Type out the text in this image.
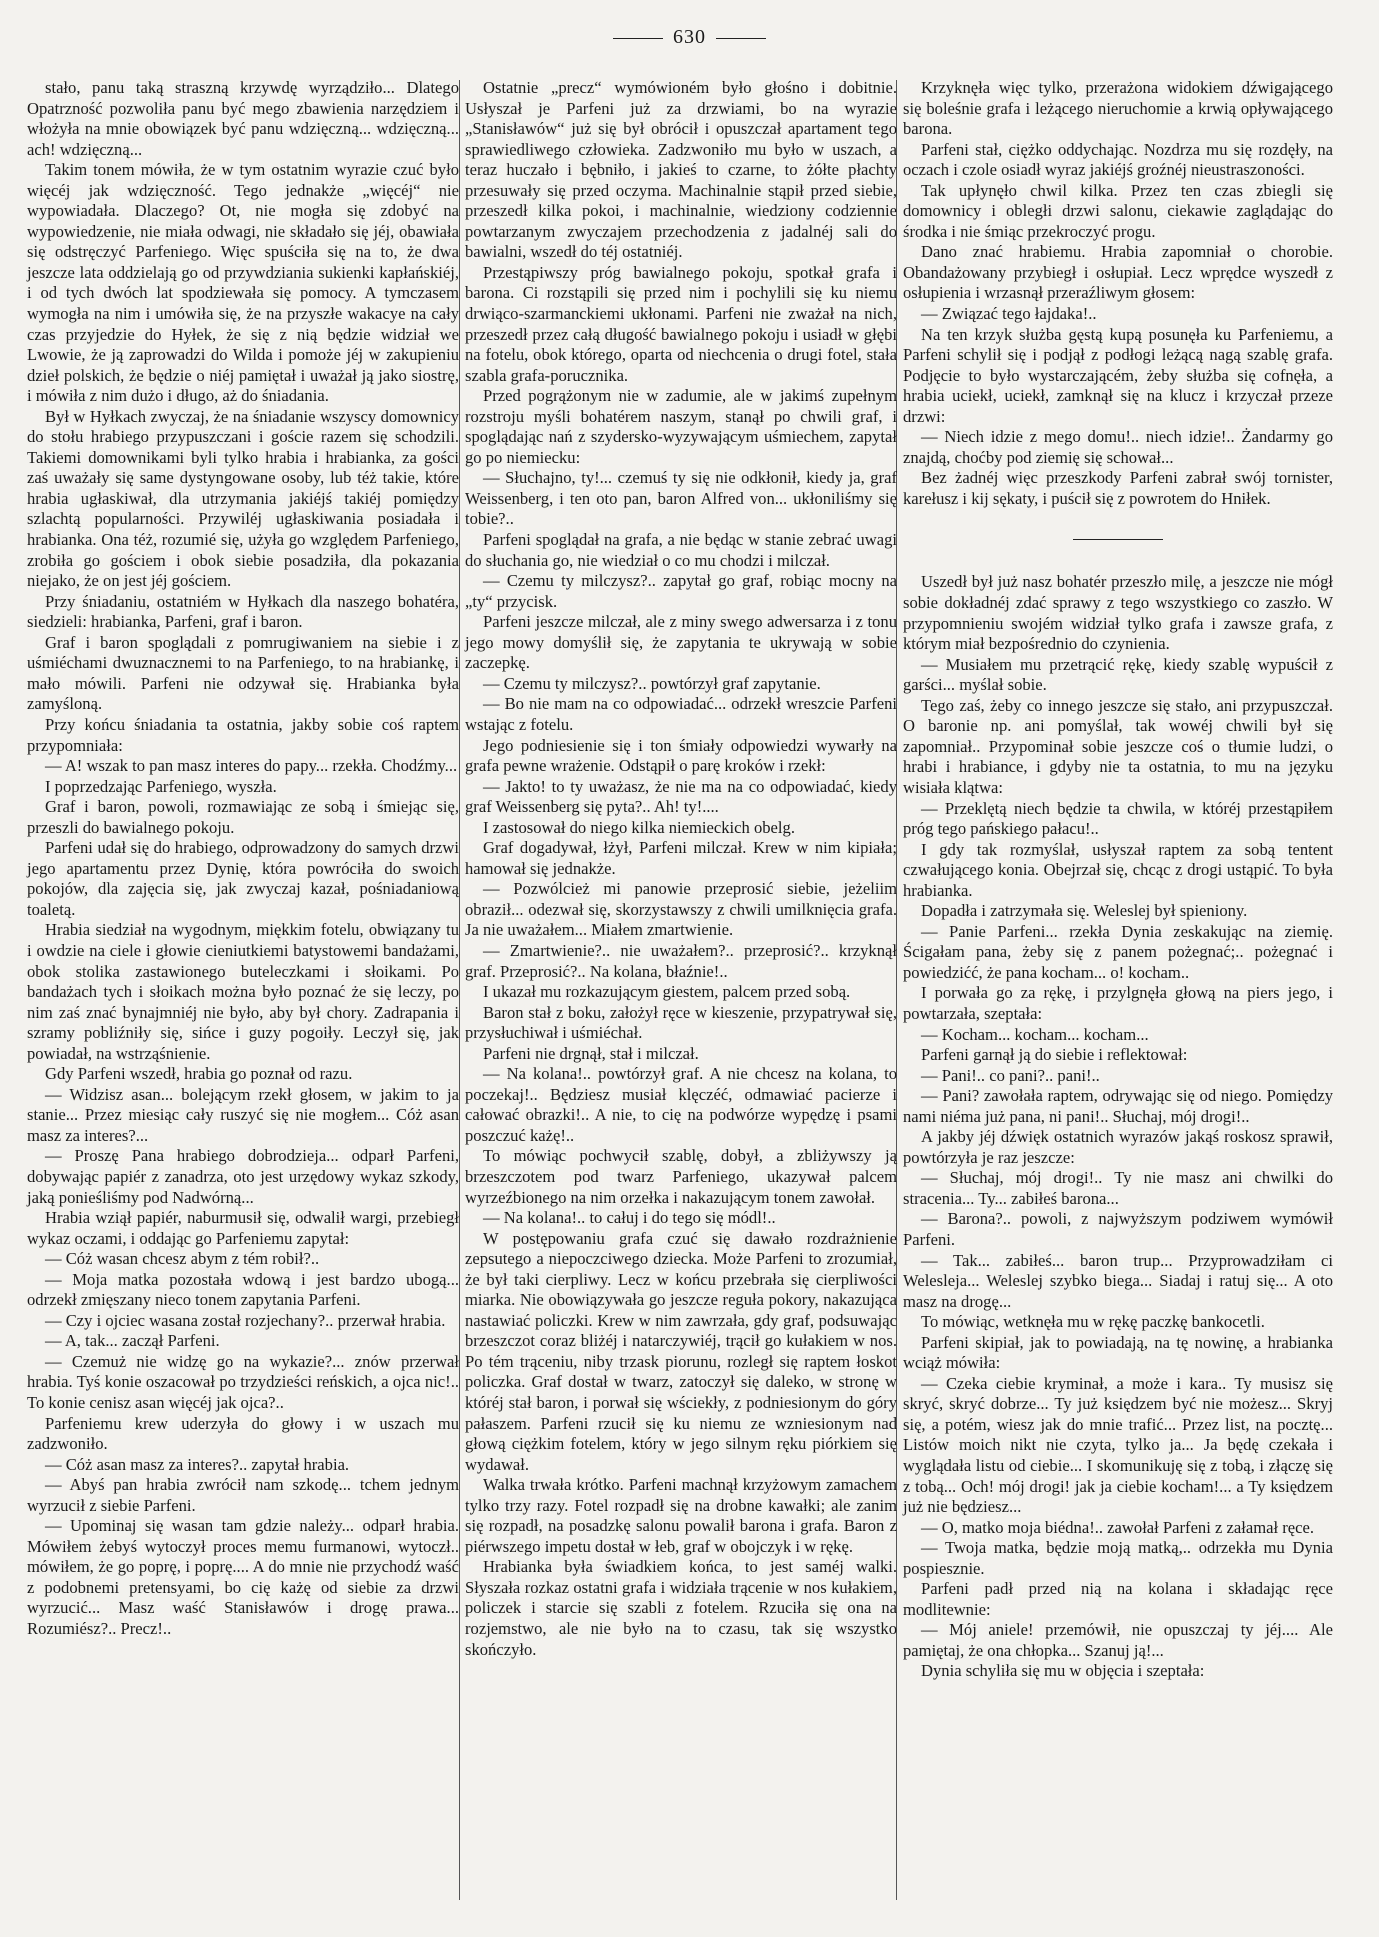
630

stało, panu taką straszną krzywdę wyrządziło... Dlatego Opatrzność pozwoliła panu być mego zbawienia narzędziem i włożyła na mnie obowiązek być panu wdzięczną... wdzięczną... ach! wdzięczną...

Takim tonem mówiła, że w tym ostatnim wyrazie czuć było więcéj jak wdzięczność. Tego jednakże „więcéj“ nie wypowiadała. Dlaczego? Ot, nie mogła się zdobyć na wypowiedzenie, nie miała odwagi, nie składało się jéj, obawiała się odstręczyć Parfeniego. Więc spuściła się na to, że dwa jeszcze lata oddzielają go od przywdziania sukienki kapłańskiéj, i od tych dwóch lat spodziewała się pomocy. A tymczasem wymogła na nim i umówiła się, że na przyszłe wakacye na cały czas przyjedzie do Hyłek, że się z nią będzie widział we Lwowie, że ją zaprowadzi do Wilda i pomoże jéj w zakupieniu dzieł polskich, że będzie o niéj pamiętał i uważał ją jako siostrę, i mówiła z nim dużo i długo, aż do śniadania.

Był w Hyłkach zwyczaj, że na śniadanie wszyscy domownicy do stołu hrabiego przypuszczani i goście razem się schodzili. Takiemi domownikami byli tylko hrabia i hrabianka, za gości zaś uważały się same dystyngowane osoby, lub téż takie, które hrabia ugłaskiwał, dla utrzymania jakiéjś takiéj pomiędzy szlachtą popularności. Przywiléj ugłaskiwania posiadała i hrabianka. Ona téż, rozumié się, użyła go względem Parfeniego, zrobiła go gościem i obok siebie posadziła, dla pokazania niejako, że on jest jéj gościem.

Przy śniadaniu, ostatniém w Hyłkach dla naszego bohatéra, siedzieli: hrabianka, Parfeni, graf i baron.

Graf i baron spoglądali z pomrugiwaniem na siebie i z uśmiéchami dwuznacznemi to na Parfeniego, to na hrabiankę, i mało mówili. Parfeni nie odzywał się. Hrabianka była zamyśloną.

Przy końcu śniadania ta ostatnia, jakby sobie coś raptem przypomniała:

— A! wszak to pan masz interes do papy... rzekła. Chodźmy...

I poprzedzając Parfeniego, wyszła.

Graf i baron, powoli, rozmawiając ze sobą i śmiejąc się, przeszli do bawialnego pokoju.

Parfeni udał się do hrabiego, odprowadzony do samych drzwi jego apartamentu przez Dynię, która powróciła do swoich pokojów, dla zajęcia się, jak zwyczaj kazał, pośniadaniową toaletą.

Hrabia siedział na wygodnym, miękkim fotelu, obwiązany tu i owdzie na ciele i głowie cieniutkiemi batystowemi bandażami, obok stolika zastawionego buteleczkami i słoikami. Po bandażach tych i słoikach można było poznać że się leczy, po nim zaś znać bynajmniéj nie było, aby był chory. Zadrapania i szramy pobliźniły się, sińce i guzy pogoiły. Leczył się, jak powiadał, na wstrząśnienie.

Gdy Parfeni wszedł, hrabia go poznał od razu.

— Widzisz asan... bolejącym rzekł głosem, w jakim to ja stanie... Przez miesiąc cały ruszyć się nie mogłem... Cóż asan masz za interes?...

— Proszę Pana hrabiego dobrodzieja... odparł Parfeni, dobywając papiér z zanadrza, oto jest urzędowy wykaz szkody, jaką ponieśliśmy pod Nadwórną...

Hrabia wziął papiér, naburmusił się, odwalił wargi, przebiegł wykaz oczami, i oddając go Parfeniemu zapytał:

— Cóż wasan chcesz abym z tém robił?..

— Moja matka pozostała wdową i jest bardzo ubogą... odrzekł zmięszany nieco tonem zapytania Parfeni.

— Czy i ojciec wasana został rozjechany?.. przerwał hrabia.

— A, tak... zaczął Parfeni.

— Czemuż nie widzę go na wykazie?... znów przerwał hrabia. Tyś konie oszacował po trzydzieści reńskich, a ojca nic!.. To konie cenisz asan więcéj jak ojca?..

Parfeniemu krew uderzyła do głowy i w uszach mu zadzwoniło.

— Cóż asan masz za interes?.. zapytał hrabia.

— Abyś pan hrabia zwrócił nam szkodę... tchem jednym wyrzucił z siebie Parfeni.

— Upominaj się wasan tam gdzie należy... odparł hrabia. Mówiłem żebyś wytoczył proces memu furmanowi, wytoczł.. mówiłem, że go poprę, i poprę.... A do mnie nie przychodź waść z podobnemi pretensyami, bo cię każę od siebie za drzwi wyrzucić... Masz waść Stanisławów i drogę prawa... Rozumiész?.. Precz!..

Ostatnie „precz“ wymówioném było głośno i dobitnie. Usłyszał je Parfeni już za drzwiami, bo na wyrazie „Stanisławów“ już się był obrócił i opuszczał apartament tego sprawiedliwego człowieka. Zadzwoniło mu było w uszach, a teraz huczało i bębniło, i jakieś to czarne, to żółte płachty przesuwały się przed oczyma. Machinalnie stąpił przed siebie, przeszedł kilka pokoi, i machinalnie, wiedziony codziennie powtarzanym zwyczajem przechodzenia z jadalnéj sali do bawialni, wszedł do téj ostatniéj.

Przestąpiwszy próg bawialnego pokoju, spotkał grafa i barona. Ci rozstąpili się przed nim i pochylili się ku niemu drwiąco-szarmanckiemi ukłonami. Parfeni nie zważał na nich, przeszedł przez całą długość bawialnego pokoju i usiadł w głębi na fotelu, obok którego, oparta od niechcenia o drugi fotel, stała szabla grafa-porucznika.

Przed pogrążonym nie w zadumie, ale w jakimś zupełnym rozstroju myśli bohatérem naszym, stanął po chwili graf, i spoglądając nań z szydersko-wyzywającym uśmiechem, zapytał go po niemiecku:

— Słuchajno, ty!... czemuś ty się nie odkłonił, kiedy ja, graf Weissenberg, i ten oto pan, baron Alfred von... ukłoniliśmy się tobie?..

Parfeni spoglądał na grafa, a nie będąc w stanie zebrać uwagi do słuchania go, nie wiedział o co mu chodzi i milczał.

— Czemu ty milczysz?.. zapytał go graf, robiąc mocny na „ty“ przycisk.

Parfeni jeszcze milczał, ale z miny swego adwersarza i z tonu jego mowy domyślił się, że zapytania te ukrywają w sobie zaczepkę.

— Czemu ty milczysz?.. powtórzył graf zapytanie.

— Bo nie mam na co odpowiadać... odrzekł wreszcie Parfeni wstając z fotelu.

Jego podniesienie się i ton śmiały odpowiedzi wywarły na grafa pewne wrażenie. Odstąpił o parę kroków i rzekł:

— Jakto! to ty uważasz, że nie ma na co odpowiadać, kiedy graf Weissenberg się pyta?.. Ah! ty!....

I zastosował do niego kilka niemieckich obelg.

Graf dogadywał, łżył, Parfeni milczał. Krew w nim kipiała; hamował się jednakże.

— Pozwólcież mi panowie przeprosić siebie, jeżeliim obraził... odezwał się, skorzystawszy z chwili umilknięcia grafa. Ja nie uważałem... Miałem zmartwienie.

— Zmartwienie?.. nie uważałem?.. przeprosić?.. krzyknął graf. Przeprosić?.. Na kolana, błaźnie!..

I ukazał mu rozkazującym giestem, palcem przed sobą.

Baron stał z boku, założył ręce w kieszenie, przypatrywał się, przysłuchiwał i uśmiéchał.

Parfeni nie drgnął, stał i milczał.

— Na kolana!.. powtórzył graf. A nie chcesz na kolana, to poczekaj!.. Będziesz musiał klęczéć, odmawiać pacierze i całować obrazki!.. A nie, to cię na podwórze wypędzę i psami poszczuć każę!..

To mówiąc pochwycił szablę, dobył, a zbliżywszy ją brzeszczotem pod twarz Parfeniego, ukazywał palcem wyrzeźbionego na nim orzełka i nakazującym tonem zawołał.

— Na kolana!.. to całuj i do tego się módl!..

W postępowaniu grafa czuć się dawało rozdrażnienie zepsutego a niepoczciwego dziecka. Może Parfeni to zrozumiał, że był taki cierpliwy. Lecz w końcu przebrała się cierpliwości miarka. Nie obowiązywała go jeszcze reguła pokory, nakazująca nastawiać policzki. Krew w nim zawrzała, gdy graf, podsuwając brzeszczot coraz bliżéj i natarczywiéj, trącił go kułakiem w nos. Po tém trąceniu, niby trzask piorunu, rozległ się raptem łoskot policzka. Graf dostał w twarz, zatoczył się daleko, w stronę w któréj stał baron, i porwał się wściekły, z podniesionym do góry pałaszem. Parfeni rzucił się ku niemu ze wzniesionym nad głową ciężkim fotelem, który w jego silnym ręku piórkiem się wydawał.

Walka trwała krótko. Parfeni machnął krzyżowym zamachem tylko trzy razy. Fotel rozpadł się na drobne kawałki; ale zanim się rozpadł, na posadzkę salonu powalił barona i grafa. Baron z piérwszego impetu dostał w łeb, graf w obojczyk i w rękę.

Hrabianka była świadkiem końca, to jest saméj walki. Słyszała rozkaz ostatni grafa i widziała trącenie w nos kułakiem, policzek i starcie się szabli z fotelem. Rzuciła się ona na rozjemstwo, ale nie było na to czasu, tak się wszystko skończyło.

Krzyknęła więc tylko, przerażona widokiem dźwigającego się boleśnie grafa i leżącego nieruchomie a krwią opływającego barona.

Parfeni stał, ciężko oddychając. Nozdrza mu się rozdęły, na oczach i czole osiadł wyraz jakiéjś groźnéj nieustraszoności.

Tak upłynęło chwil kilka. Przez ten czas zbiegli się domownicy i obległi drzwi salonu, ciekawie zaglądając do środka i nie śmiąc przekroczyć progu.

Dano znać hrabiemu. Hrabia zapomniał o chorobie. Obandażowany przybiegł i osłupiał. Lecz wprędce wyszedł z osłupienia i wrzasnął przeraźliwym głosem:

— Związać tego łajdaka!..

Na ten krzyk służba gęstą kupą posunęła ku Parfeniemu, a Parfeni schylił się i podjął z podłogi leżącą nagą szablę grafa. Podjęcie to było wystarczającém, żeby służba się cofnęła, a hrabia uciekł, uciekł, zamknął się na klucz i krzyczał przeze drzwi:

— Niech idzie z mego domu!.. niech idzie!.. Żandarmy go znajdą, choćby pod ziemię się schował...

Bez żadnéj więc przeszkody Parfeni zabrał swój tornister, karełusz i kij sękaty, i puścił się z powrotem do Hniłek.

Uszedł był już nasz bohatér przeszło milę, a jeszcze nie mógł sobie dokładnéj zdać sprawy z tego wszystkiego co zaszło. W przypomnieniu swojém widział tylko grafa i zawsze grafa, z którym miał bezpośrednio do czynienia.

— Musiałem mu przetrącić rękę, kiedy szablę wypuścił z garści... myślał sobie.

Tego zaś, żeby co innego jeszcze się stało, ani przypuszczał. O baronie np. ani pomyślał, tak wowéj chwili był się zapomniał.. Przypominał sobie jeszcze coś o tłumie ludzi, o hrabi i hrabiance, i gdyby nie ta ostatnia, to mu na języku wisiała klątwa:

— Przeklętą niech będzie ta chwila, w któréj przestąpiłem próg tego pańskiego pałacu!..

I gdy tak rozmyślał, usłyszał raptem za sobą tentent czwałującego konia. Obejrzał się, chcąc z drogi ustąpić. To była hrabianka.

Dopadła i zatrzymała się. Weleslej był spieniony.

— Panie Parfeni... rzekła Dynia zeskakując na ziemię. Ścigałam pana, żeby się z panem pożegnać;.. pożegnać i powiedzićć, że pana kocham... o! kocham..

I porwała go za rękę, i przylgnęła głową na piers jego, i powtarzała, szeptała:

— Kocham... kocham... kocham...

Parfeni garnął ją do siebie i reflektował:

— Pani!.. co pani?.. pani!..

— Pani? zawołała raptem, odrywając się od niego. Pomiędzy nami niéma już pana, ni pani!.. Słuchaj, mój drogi!..

A jakby jéj dźwięk ostatnich wyrazów jakąś roskosz sprawił, powtórzyła je raz jeszcze:

— Słuchaj, mój drogi!.. Ty nie masz ani chwilki do stracenia... Ty... zabiłeś barona...

— Barona?.. powoli, z najwyższym podziwem wymówił Parfeni.

— Tak... zabiłeś... baron trup... Przyprowadziłam ci Welesleja... Weleslej szybko biega... Siadaj i ratuj się... A oto masz na drogę...

To mówiąc, wetknęła mu w rękę paczkę bankocetli.

Parfeni skipiał, jak to powiadają, na tę nowinę, a hrabianka wciąż mówiła:

— Czeka ciebie kryminał, a może i kara.. Ty musisz się skryć, skryć dobrze... Ty już księdzem być nie możesz... Skryj się, a potém, wiesz jak do mnie trafić... Przez list, na pocztę... Listów moich nikt nie czyta, tylko ja... Ja będę czekała i wyglądała listu od ciebie... I skomunikuję się z tobą, i złączę się z tobą... Och! mój drogi! jak ja ciebie kocham!... a Ty księdzem już nie będziesz...

— O, matko moja biédna!.. zawołał Parfeni z załamał ręce.

— Twoja matka, będzie moją matką,.. odrzekła mu Dynia pospiesznie.

Parfeni padł przed nią na kolana i składając ręce modlitewnie:

— Mój aniele! przemówił, nie opuszczaj ty jéj.... Ale pamiętaj, że ona chłopka... Szanuj ją!...

Dynia schyliła się mu w objęcia i szeptała:
